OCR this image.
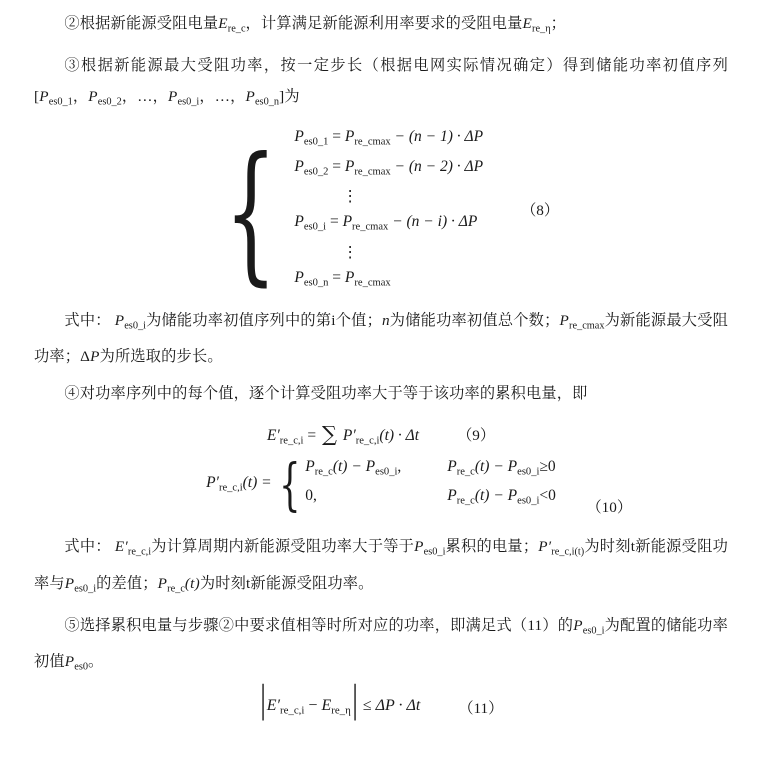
②根据新能源受阻电量$E_{re\_c}$，计算满足新能源利用率要求的受阻电量$E_{re\_\eta}$；

③根据新能源最大受阻功率，按一定步长（根据电网实际情况确定）得到储能功率初值序列[$P_{es0\_1}$，$P_{es0\_2}$，…，$P_{es0\_i}$，…，$P_{es0\_n}$]为

{ $P_{es0\_1} = P_{re\_cmax} - (n - 1) \cdot \Delta P$
$P_{es0\_2} = P_{re\_cmax} - (n - 2) \cdot \Delta P$
⋮
$P_{es0\_i} = P_{re\_cmax} - (n - i) \cdot \Delta P$
⋮
$P_{es0\_n} = P_{re\_cmax}$
（8）

式中： $P_{es0\_i}$为储能功率初值序列中的第i个值；n为储能功率初值总个数；$P_{re\_cmax}$为新能源最大受阻功率；ΔP为所选取的步长。

④对功率序列中的每个值，逐个计算受阻功率大于等于该功率的累积电量，即

$E'_{re\_c,i}$ = ∑ $P'_{re\_c,i}(t) \cdot \Delta t$	（9）
$P'_{re\_c,i}(t)$ = { $P_{re\_c}(t) - P_{es0\_i}$,	$P_{re\_c}(t) - P_{es0\_i}\ge 0$
0,	$P_{re\_c}(t) - P_{es0\_i}<0$
（10）

式中： $E'_{re\_c,i}$为计算周期内新能源受阻功率大于等于$P_{es0\_i}$累积的电量；$P'_{re\_c,i(t)}$为时刻t新能源受阻功率与$P_{es0\_i}$的差值；$P_{re\_c}(t)$为时刻t新能源受阻功率。

⑤选择累积电量与步骤②中要求值相等时所对应的功率，即满足式（11）的$P_{es0\_i}$为配置的储能功率初值$P_{es0}$。

$|E'_{re\_c,i} - E_{re\_\eta}| \le \Delta P \cdot \Delta t$	（11）
